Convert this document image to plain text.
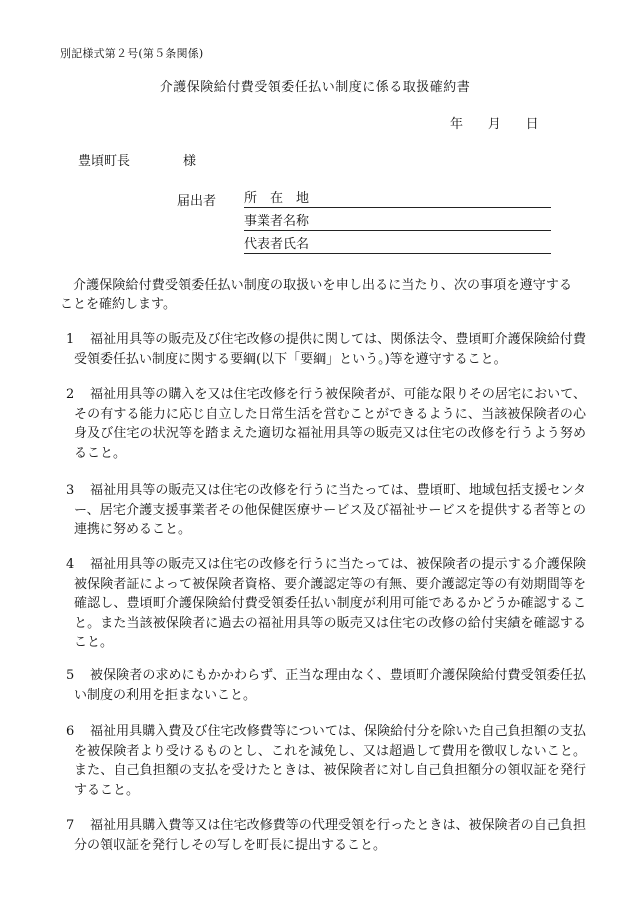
別記様式第２号(第５条関係)
介護保険給付費受領委任払い制度に係る取扱確約書
年 月 日
豊頃町長	様
届出者 所　在　地
事業者名称
代表者氏名
介護保険給付費受領委任払い制度の取扱いを申し出るに当たり、次の事項を遵守することを確約します。
1	福祉用具等の販売及び住宅改修の提供に関しては、関係法令、豊頃町介護保険給付費受領委任払い制度に関する要綱(以下「要綱」という。)等を遵守すること。
2	福祉用具等の購入を又は住宅改修を行う被保険者が、可能な限りその居宅において、その有する能力に応じ自立した日常生活を営むことができるように、当該被保険者の心身及び住宅の状況等を踏まえた適切な福祉用具等の販売又は住宅の改修を行うよう努めること。
3	福祉用具等の販売又は住宅の改修を行うに当たっては、豊頃町、地域包括支援センター、居宅介護支援事業者その他保健医療サービス及び福祉サービスを提供する者等との連携に努めること。
4	福祉用具等の販売又は住宅の改修を行うに当たっては、被保険者の提示する介護保険被保険者証によって被保険者資格、要介護認定等の有無、要介護認定等の有効期間等を確認し、豊頃町介護保険給付費受領委任払い制度が利用可能であるかどうか確認すること。また当該被保険者に過去の福祉用具等の販売又は住宅の改修の給付実績を確認すること。
5	被保険者の求めにもかかわらず、正当な理由なく、豊頃町介護保険給付費受領委任払い制度の利用を拒まないこと。
6	福祉用具購入費及び住宅改修費等については、保険給付分を除いた自己負担額の支払を被保険者より受けるものとし、これを減免し、又は超過して費用を徴収しないこと。また、自己負担額の支払を受けたときは、被保険者に対し自己負担額分の領収証を発行すること。
7	福祉用具購入費等又は住宅改修費等の代理受領を行ったときは、被保険者の自己負担分の領収証を発行しその写しを町長に提出すること。
